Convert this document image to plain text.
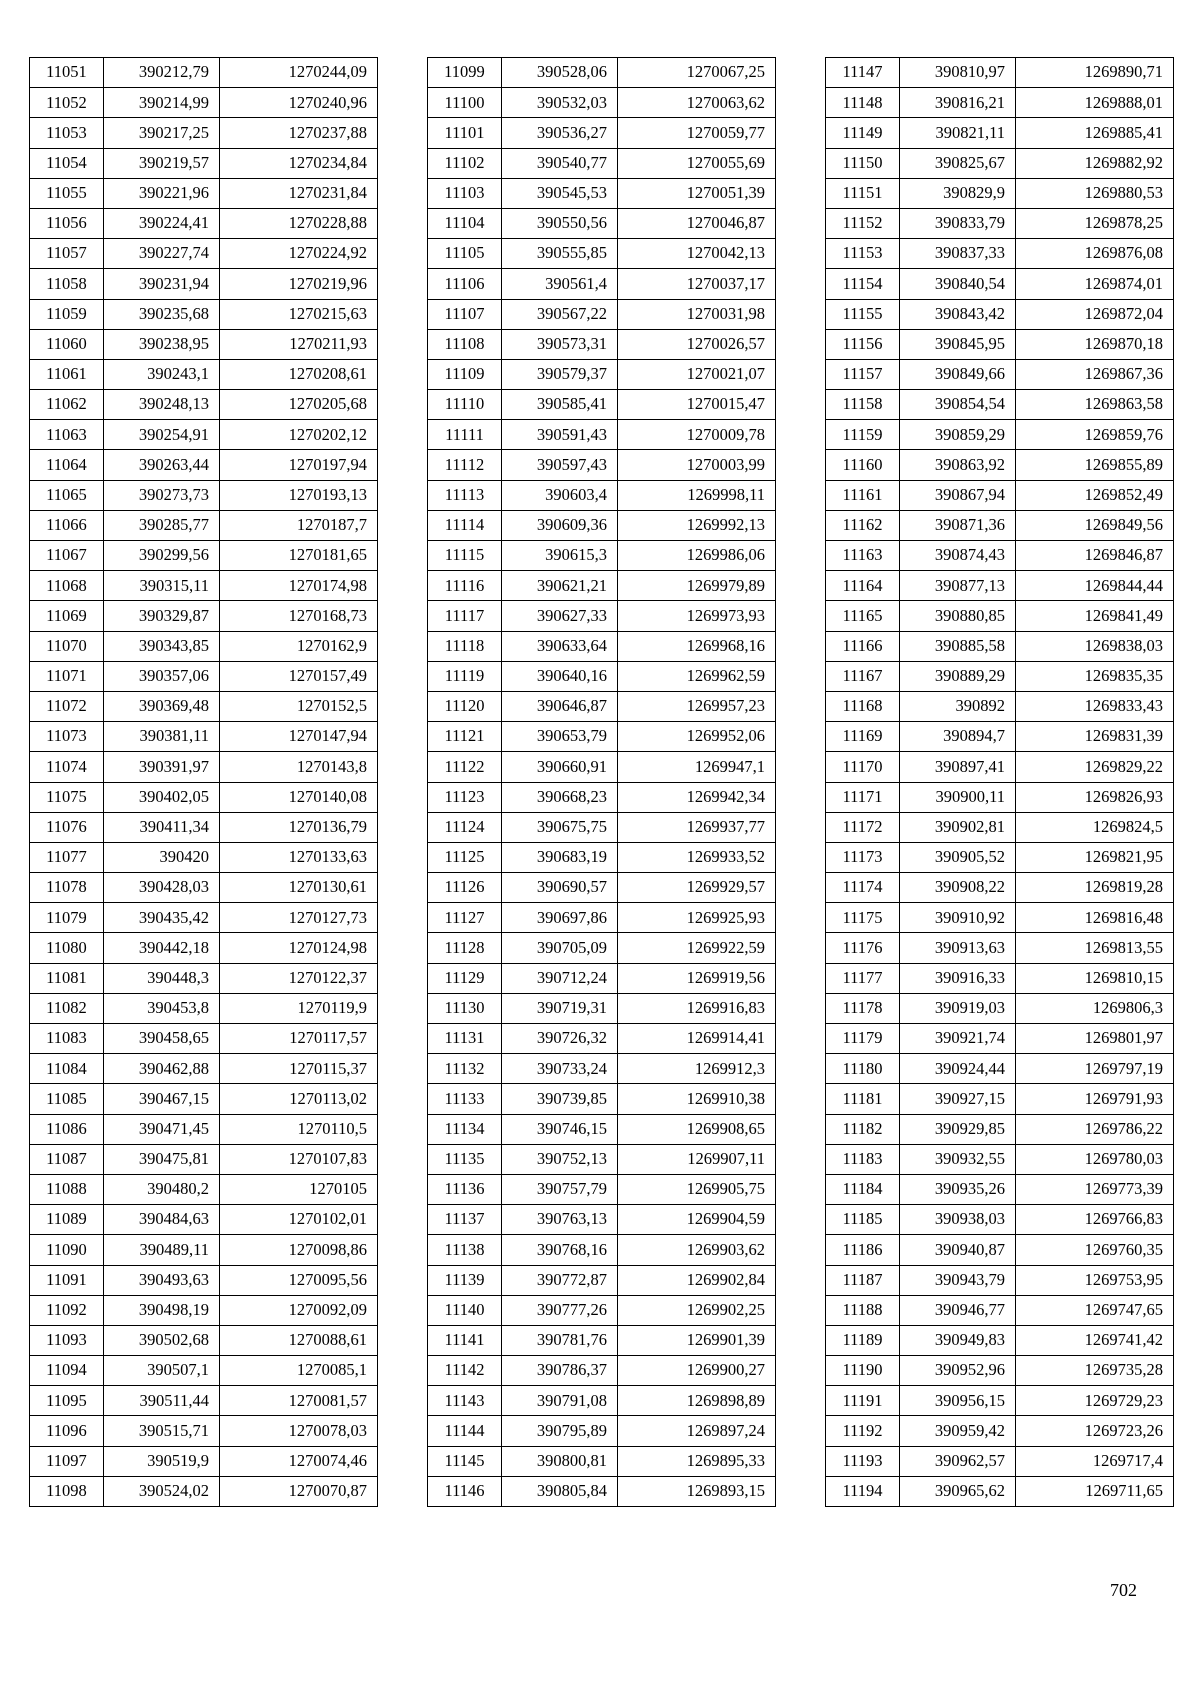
11051	390212,79	1270244,09
11052	390214,99	1270240,96
11053	390217,25	1270237,88
11054	390219,57	1270234,84
11055	390221,96	1270231,84
11056	390224,41	1270228,88
11057	390227,74	1270224,92
11058	390231,94	1270219,96
11059	390235,68	1270215,63
11060	390238,95	1270211,93
11061	390243,1	1270208,61
11062	390248,13	1270205,68
11063	390254,91	1270202,12
11064	390263,44	1270197,94
11065	390273,73	1270193,13
11066	390285,77	1270187,7
11067	390299,56	1270181,65
11068	390315,11	1270174,98
11069	390329,87	1270168,73
11070	390343,85	1270162,9
11071	390357,06	1270157,49
11072	390369,48	1270152,5
11073	390381,11	1270147,94
11074	390391,97	1270143,8
11075	390402,05	1270140,08
11076	390411,34	1270136,79
11077	390420	1270133,63
11078	390428,03	1270130,61
11079	390435,42	1270127,73
11080	390442,18	1270124,98
11081	390448,3	1270122,37
11082	390453,8	1270119,9
11083	390458,65	1270117,57
11084	390462,88	1270115,37
11085	390467,15	1270113,02
11086	390471,45	1270110,5
11087	390475,81	1270107,83
11088	390480,2	1270105
11089	390484,63	1270102,01
11090	390489,11	1270098,86
11091	390493,63	1270095,56
11092	390498,19	1270092,09
11093	390502,68	1270088,61
11094	390507,1	1270085,1
11095	390511,44	1270081,57
11096	390515,71	1270078,03
11097	390519,9	1270074,46
11098	390524,02	1270070,87
11099	390528,06	1270067,25
11100	390532,03	1270063,62
11101	390536,27	1270059,77
11102	390540,77	1270055,69
11103	390545,53	1270051,39
11104	390550,56	1270046,87
11105	390555,85	1270042,13
11106	390561,4	1270037,17
11107	390567,22	1270031,98
11108	390573,31	1270026,57
11109	390579,37	1270021,07
11110	390585,41	1270015,47
11111	390591,43	1270009,78
11112	390597,43	1270003,99
11113	390603,4	1269998,11
11114	390609,36	1269992,13
11115	390615,3	1269986,06
11116	390621,21	1269979,89
11117	390627,33	1269973,93
11118	390633,64	1269968,16
11119	390640,16	1269962,59
11120	390646,87	1269957,23
11121	390653,79	1269952,06
11122	390660,91	1269947,1
11123	390668,23	1269942,34
11124	390675,75	1269937,77
11125	390683,19	1269933,52
11126	390690,57	1269929,57
11127	390697,86	1269925,93
11128	390705,09	1269922,59
11129	390712,24	1269919,56
11130	390719,31	1269916,83
11131	390726,32	1269914,41
11132	390733,24	1269912,3
11133	390739,85	1269910,38
11134	390746,15	1269908,65
11135	390752,13	1269907,11
11136	390757,79	1269905,75
11137	390763,13	1269904,59
11138	390768,16	1269903,62
11139	390772,87	1269902,84
11140	390777,26	1269902,25
11141	390781,76	1269901,39
11142	390786,37	1269900,27
11143	390791,08	1269898,89
11144	390795,89	1269897,24
11145	390800,81	1269895,33
11146	390805,84	1269893,15
11147	390810,97	1269890,71
11148	390816,21	1269888,01
11149	390821,11	1269885,41
11150	390825,67	1269882,92
11151	390829,9	1269880,53
11152	390833,79	1269878,25
11153	390837,33	1269876,08
11154	390840,54	1269874,01
11155	390843,42	1269872,04
11156	390845,95	1269870,18
11157	390849,66	1269867,36
11158	390854,54	1269863,58
11159	390859,29	1269859,76
11160	390863,92	1269855,89
11161	390867,94	1269852,49
11162	390871,36	1269849,56
11163	390874,43	1269846,87
11164	390877,13	1269844,44
11165	390880,85	1269841,49
11166	390885,58	1269838,03
11167	390889,29	1269835,35
11168	390892	1269833,43
11169	390894,7	1269831,39
11170	390897,41	1269829,22
11171	390900,11	1269826,93
11172	390902,81	1269824,5
11173	390905,52	1269821,95
11174	390908,22	1269819,28
11175	390910,92	1269816,48
11176	390913,63	1269813,55
11177	390916,33	1269810,15
11178	390919,03	1269806,3
11179	390921,74	1269801,97
11180	390924,44	1269797,19
11181	390927,15	1269791,93
11182	390929,85	1269786,22
11183	390932,55	1269780,03
11184	390935,26	1269773,39
11185	390938,03	1269766,83
11186	390940,87	1269760,35
11187	390943,79	1269753,95
11188	390946,77	1269747,65
11189	390949,83	1269741,42
11190	390952,96	1269735,28
11191	390956,15	1269729,23
11192	390959,42	1269723,26
11193	390962,57	1269717,4
11194	390965,62	1269711,65
702
